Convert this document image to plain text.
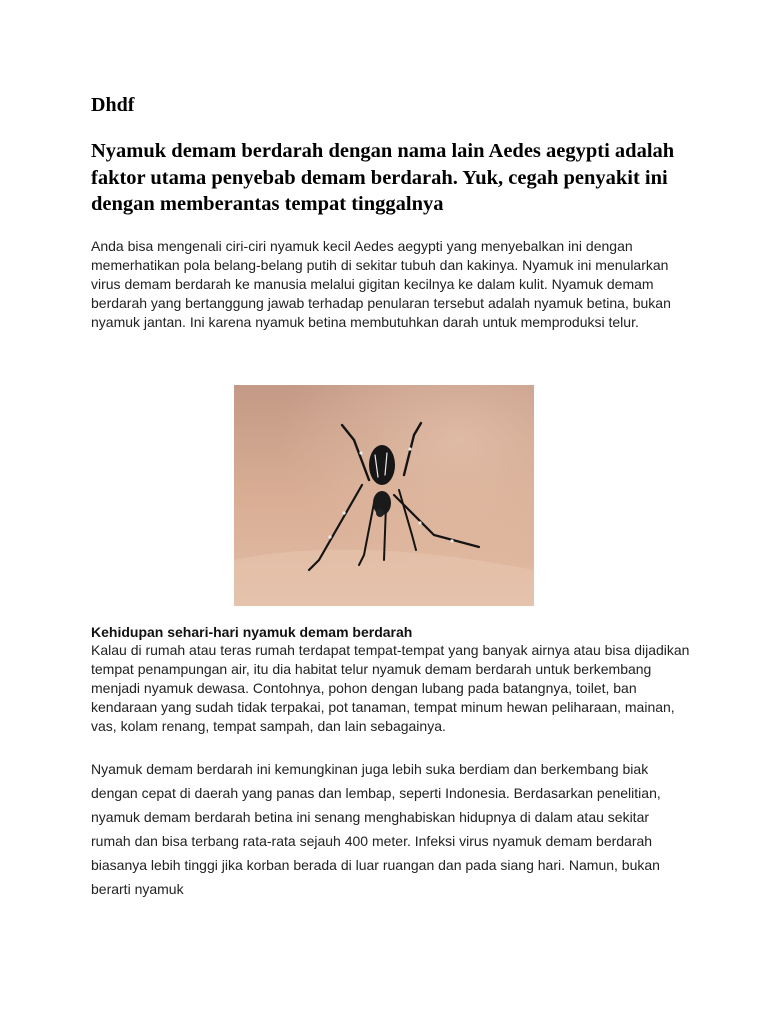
Dhdf
Nyamuk demam berdarah dengan nama lain Aedes aegypti adalah faktor utama penyebab demam berdarah. Yuk, cegah penyakit ini dengan memberantas tempat tinggalnya

Anda bisa mengenali ciri-ciri nyamuk kecil Aedes aegypti yang menyebalkan ini dengan memerhatikan pola belang-belang putih di sekitar tubuh dan kakinya. Nyamuk ini menularkan virus demam berdarah ke manusia melalui gigitan kecilnya ke dalam kulit. Nyamuk demam berdarah yang bertanggung jawab terhadap penularan tersebut adalah nyamuk betina, bukan nyamuk jantan. Ini karena nyamuk betina membutuhkan darah untuk memproduksi telur.

Kehidupan sehari-hari nyamuk demam berdarah

Kalau di rumah atau teras rumah terdapat tempat-tempat yang banyak airnya atau bisa dijadikan tempat penampungan air, itu dia habitat telur nyamuk demam berdarah untuk berkembang menjadi nyamuk dewasa. Contohnya, pohon dengan lubang pada batangnya, toilet, ban kendaraan yang sudah tidak terpakai, pot tanaman, tempat minum hewan peliharaan, mainan, vas, kolam renang, tempat sampah, dan lain sebagainya.

Nyamuk demam berdarah ini kemungkinan juga lebih suka berdiam dan berkembang biak dengan cepat di daerah yang panas dan lembap, seperti Indonesia. Berdasarkan penelitian, nyamuk demam berdarah betina ini senang menghabiskan hidupnya di dalam atau sekitar rumah dan bisa terbang rata-rata sejauh 400 meter. Infeksi virus nyamuk demam berdarah biasanya lebih tinggi jika korban berada di luar ruangan dan pada siang hari. Namun, bukan berarti nyamuk
